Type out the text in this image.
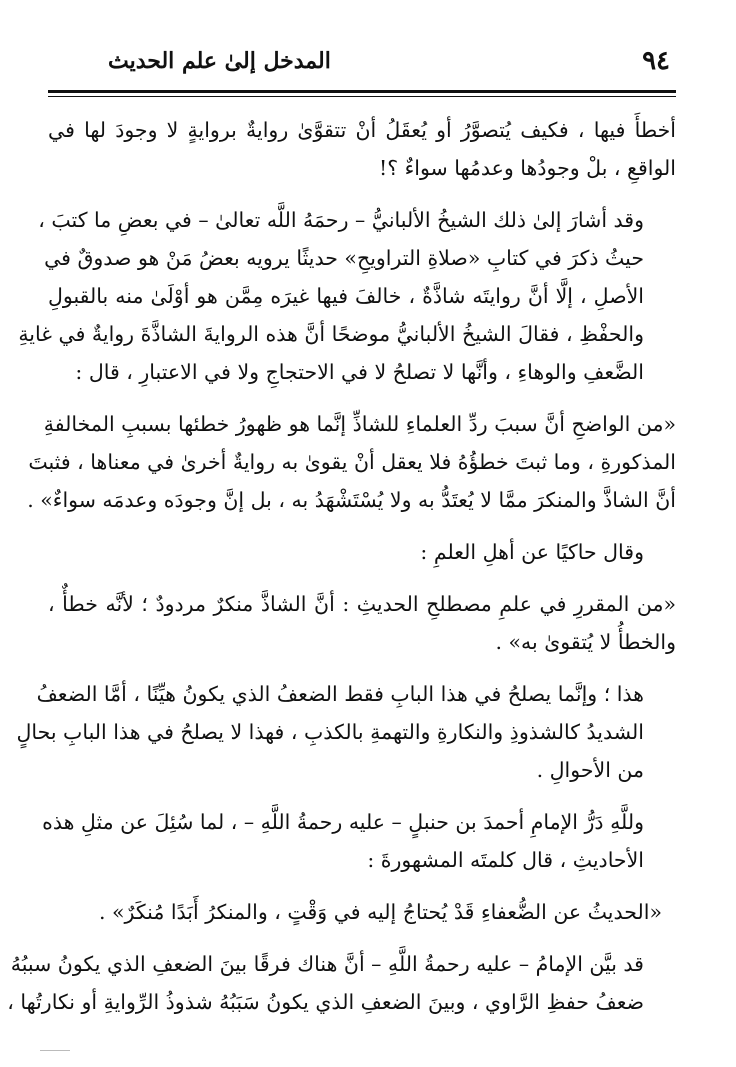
٩٤
المدخل إلىٰ علم الحديث
أخطأَ فيها ، فكيف يُتصوَّرُ أو يُعقَلُ أنْ تتقوَّىٰ روايةٌ بروايةٍ لا وجودَ لها في
الواقعِ ، بلْ وجودُها وعدمُها سواءٌ ؟!
وقد أشارَ إلىٰ ذلك الشيخُ الألبانيُّ – رحمَهُ اللَّه تعالىٰ – في بعضِ ما كتبَ ،
حيثُ ذكرَ في كتابِ «صلاةِ التراويحِ» حديثًا يرويه بعضُ مَنْ هو صدوقٌ في
الأصلِ ، إلَّا أنَّ روايتَه شاذَّةٌ ، خالفَ فيها غيرَه مِمَّن هو أوْلَىٰ منه بالقبولِ
والحفْظِ ، فقالَ الشيخُ الألبانيُّ موضحًا أنَّ هذه الروايةَ الشاذَّةَ روايةٌ في غايةِ
الضَّعفِ والوهاءِ ، وأنَّها لا تصلحُ لا في الاحتجاجِ ولا في الاعتبارِ ، قال :
«من الواضحِ أنَّ سببَ ردِّ العلماءِ للشاذِّ إنَّما هو ظهورُ خطئها بسببِ المخالفةِ
المذكورةِ ، وما ثبتَ خطؤُهُ فلا يعقل أنْ يقوىٰ به روايةٌ أخرىٰ في معناها ، فثبتَ
أنَّ الشاذَّ والمنكرَ ممَّا لا يُعتَدُّ به ولا يُسْتَشْهَدُ به ، بل إنَّ وجودَه وعدمَه سواءٌ» .
وقال حاكيًا عن أهلِ العلمِ :
«من المقررِ في علمِ مصطلحِ الحديثِ : أنَّ الشاذَّ منكرٌ مردودٌ ؛ لأنَّه خطأٌ ،
والخطأُ لا يُتقوىٰ به» .
هذا ؛ وإنَّما يصلحُ في هذا البابِ فقط الضعفُ الذي يكونُ هيِّنًا ، أمَّا الضعفُ
الشديدُ كالشذوذِ والنكارةِ والتهمةِ بالكذبِ ، فهذا لا يصلحُ في هذا البابِ بحالٍ
من الأحوالِ .
وللَّهِ دَرُّ الإمامِ أحمدَ بن حنبلٍ – عليه رحمةُ اللَّهِ – ، لما سُئِلَ عن مثلِ هذه
الأحاديثِ ، قال كلمتَه المشهورةَ :
«الحديثُ عن الضُّعفاءِ قَدْ يُحتاجُ إليه في وَقْتٍ ، والمنكرُ أَبَدًا مُنكَرٌ» .
قد بيَّن الإمامُ – عليه رحمةُ اللَّهِ – أنَّ هناك فرقًا بينَ الضعفِ الذي يكونُ سببُهُ
ضعفُ حفظِ الرَّاوي ، وبينَ الضعفِ الذي يكونُ سَبَبُهُ شذوذُ الرِّوايةِ أو نكارتُها ،
